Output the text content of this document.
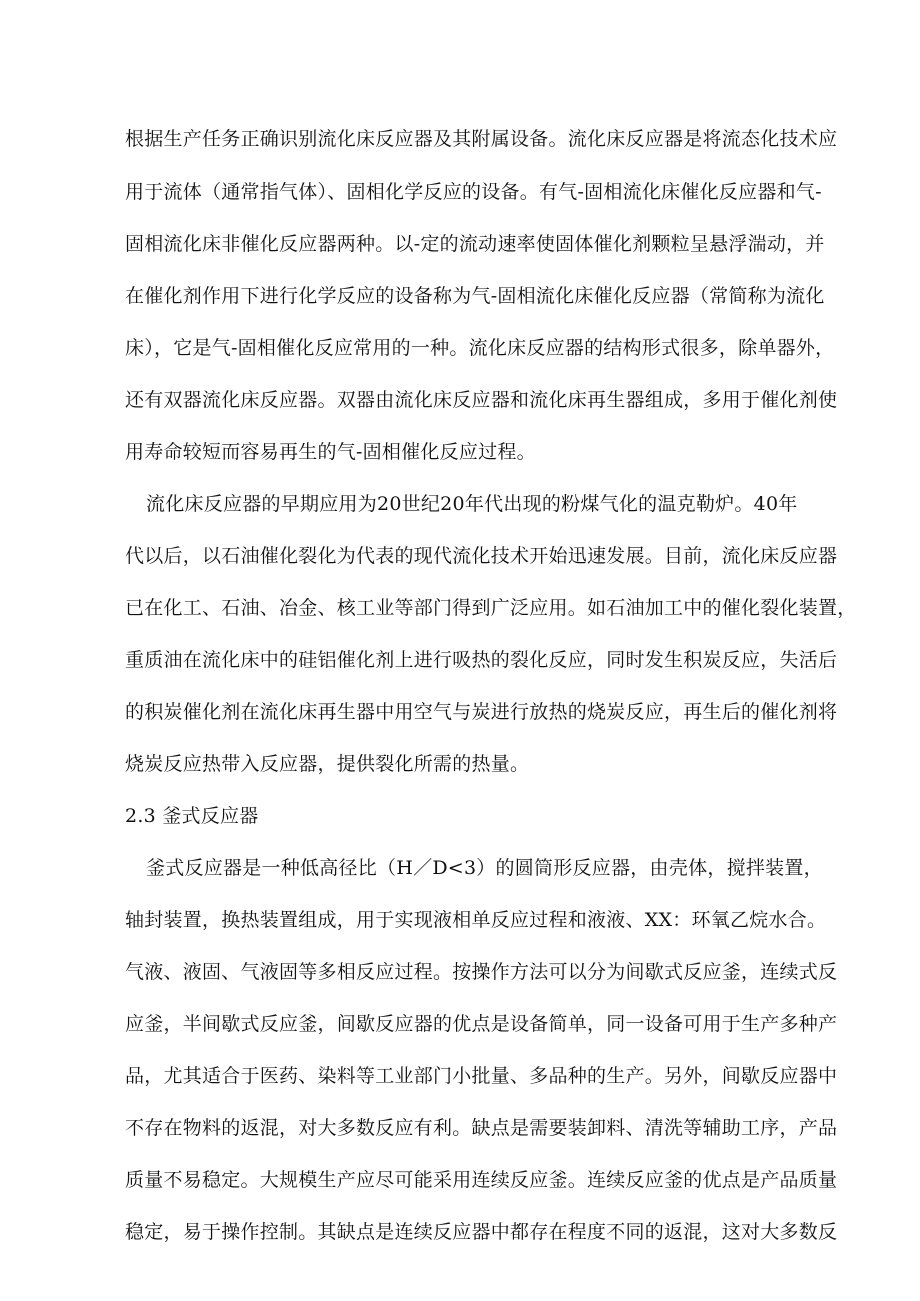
根据生产任务正确识别流化床反应器及其附属设备。流化床反应器是将流态化技术应
用于流体（通常指气体）、固相化学反应的设备。有气-固相流化床催化反应器和气-
固相流化床非催化反应器两种。以-定的流动速率使固体催化剂颗粒呈悬浮湍动，并
在催化剂作用下进行化学反应的设备称为气-固相流化床催化反应器（常简称为流化
床），它是气-固相催化反应常用的一种。流化床反应器的结构形式很多，除单器外，
还有双器流化床反应器。双器由流化床反应器和流化床再生器组成，多用于催化剂使
用寿命较短而容易再生的气-固相催化反应过程。
流化床反应器的早期应用为20世纪20年代出现的粉煤气化的温克勒炉。40年
代以后，以石油催化裂化为代表的现代流化技术开始迅速发展。目前，流化床反应器
已在化工、石油、冶金、核工业等部门得到广泛应用。如石油加工中的催化裂化装置，
重质油在流化床中的硅铝催化剂上进行吸热的裂化反应，同时发生积炭反应，失活后
的积炭催化剂在流化床再生器中用空气与炭进行放热的烧炭反应，再生后的催化剂将
烧炭反应热带入反应器，提供裂化所需的热量。
2.3 釜式反应器
釜式反应器是一种低高径比（H／D<3）的圆筒形反应器，由壳体，搅拌装置，
轴封装置，换热装置组成，用于实现液相单反应过程和液液、XX：环氧乙烷水合。
气液、液固、气液固等多相反应过程。按操作方法可以分为间歇式反应釜，连续式反
应釜，半间歇式反应釜，间歇反应器的优点是设备简单，同一设备可用于生产多种产
品，尤其适合于医药、染料等工业部门小批量、多品种的生产。另外，间歇反应器中
不存在物料的返混，对大多数反应有利。缺点是需要装卸料、清洗等辅助工序，产品
质量不易稳定。大规模生产应尽可能采用连续反应釜。连续反应釜的优点是产品质量
稳定，易于操作控制。其缺点是连续反应器中都存在程度不同的返混，这对大多数反
